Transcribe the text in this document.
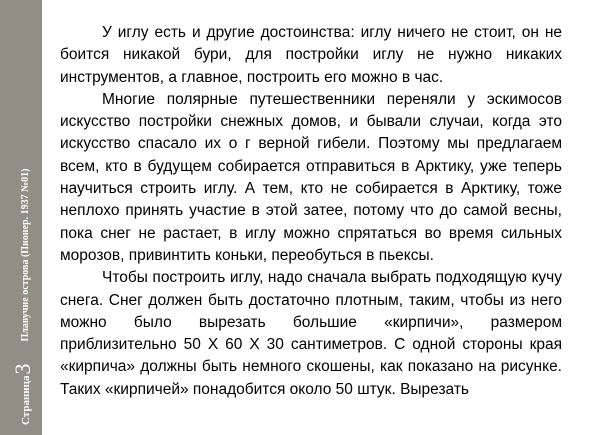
Страница
3
Плавучие острова (Пионер. 1937 №01)

У иглу есть и другие достоинства: иглу ничего не стоит, он не боится никакой бури, для постройки иглу не нужно никаких инструментов, а главное, построить его можно в час.

Многие полярные путешественники переняли у эскимосов искусство постройки снежных домов, и бывали случаи, когда это искусство спасало их о г верной гибели. Поэтому мы предлагаем всем, кто в будущем собирается отправиться в Арктику, уже теперь научиться строить иглу. А тем, кто не собирается в Арктику, тоже неплохо принять участие в этой затее, потому что до самой весны, пока снег не растает, в иглу можно спрятаться во время сильных морозов, привинтить коньки, переобуться в пьексы.

Чтобы построить иглу, надо сначала выбрать подходящую кучу снега. Снег должен быть достаточно плотным, таким, чтобы из него можно было вырезать большие «кирпичи», размером приблизительно 50 Х 60 Х 30 сантиметров. С одной стороны края «кирпича» должны быть немного скошены, как показано на рисунке. Таких «кирпичей» понадобится около 50 штук. Вырезать
